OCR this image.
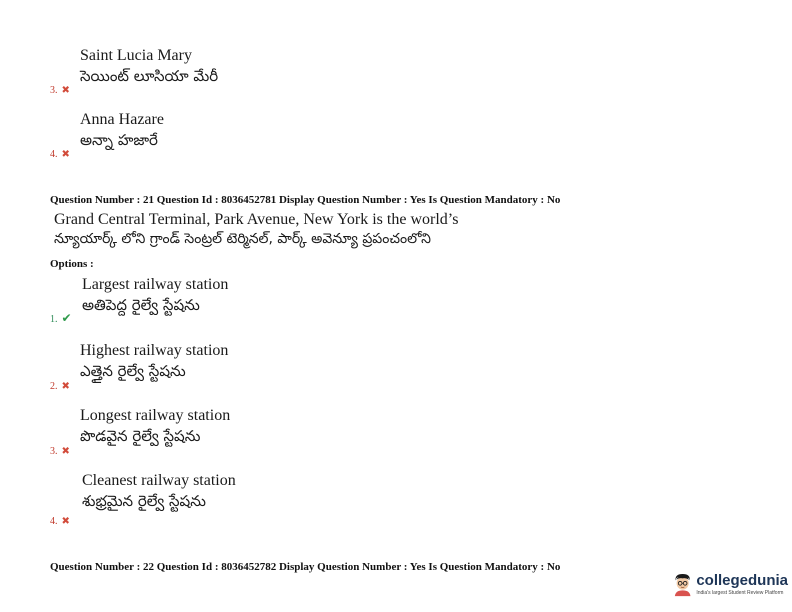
Saint Lucia Mary
సెయింట్ లూసియా మేరీ
3. ✖
Anna Hazare
అన్నా హజారే
4. ✖
Question Number : 21 Question Id : 8036452781 Display Question Number : Yes Is Question Mandatory : No
Grand Central Terminal, Park Avenue, New York is the world’s
న్యూయార్క్ లోని గ్రాండ్ సెంట్రల్ టెర్మినల్, పార్క్ అవెన్యూ ప్రపంచంలోని
Options :
Largest railway station
అతిపెద్ద రైల్వే స్టేషను
1. ✔
Highest railway station
ఎత్తైన రైల్వే స్టేషను
2. ✖
Longest railway station
పొడవైన రైల్వే స్టేషను
3. ✖
Cleanest railway station
శుభ్రమైన రైల్వే స్టేషను
4. ✖
Question Number : 22 Question Id : 8036452782 Display Question Number : Yes Is Question Mandatory : No
collegedunia
India's largest Student Review Platform
